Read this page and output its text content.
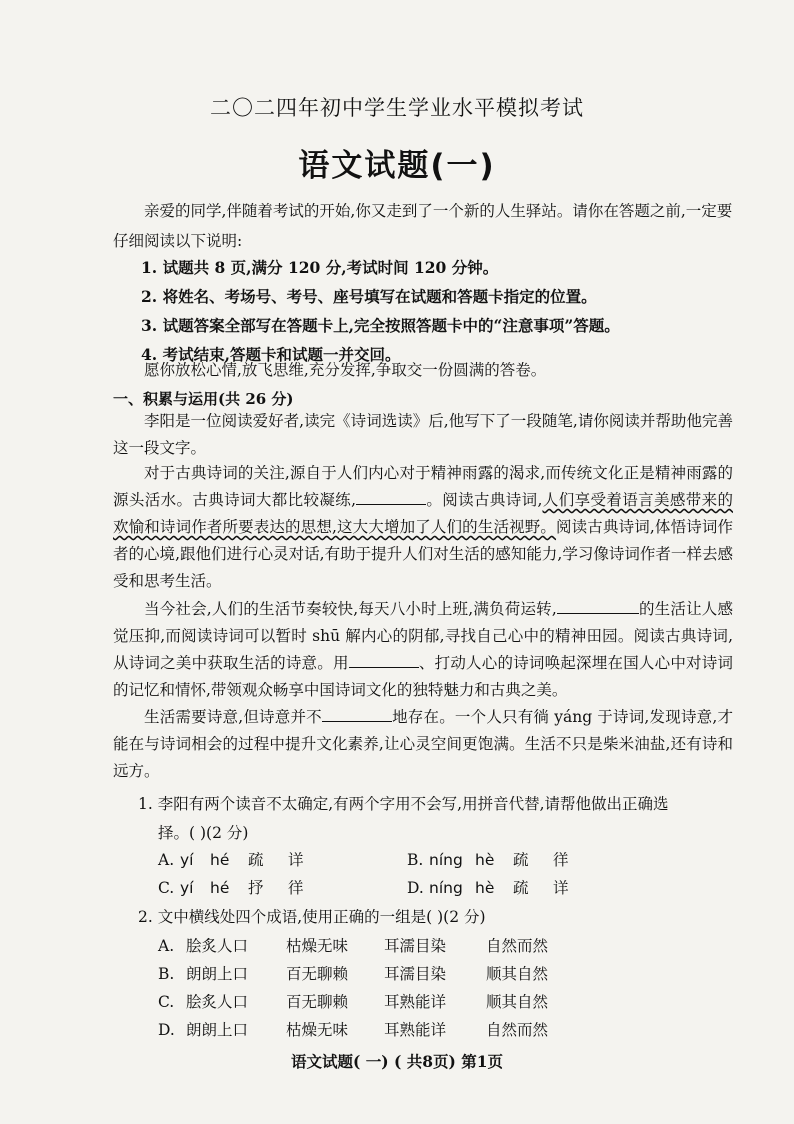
二〇二四年初中学生学业水平模拟考试
语文试题(一)

亲爱的同学,伴随着考试的开始,你又走到了一个新的人生驿站。请你在答题之前,一定要仔细阅读以下说明:

1. 试题共 8 页,满分 120 分,考试时间 120 分钟。
2. 将姓名、考场号、考号、座号填写在试题和答题卡指定的位置。
3. 试题答案全部写在答题卡上,完全按照答题卡中的“注意事项”答题。
4. 考试结束,答题卡和试题一并交回。
愿你放松心情,放飞思维,充分发挥,争取交一份圆满的答卷。
一、积累与运用(共 26 分)

李阳是一位阅读爱好者,读完《诗词选读》后,他写下了一段随笔,请你阅读并帮助他完善这一段文字。

对于古典诗词的关注,源自于人们内心对于精神雨露的渴求,而传统文化正是精神雨露的源头活水。古典诗词大都比较凝练,	。阅读古典诗词,人们享受着语言美感带来的欢愉和诗词作者所要表达的思想,这大大增加了人们的生活视野。阅读古典诗词,体悟诗词作者的心境,跟他们进行心灵对话,有助于提升人们对生活的感知能力,学习像诗词作者一样去感受和思考生活。

当今社会,人们的生活节奏较快,每天八小时上班,满负荷运转,	的生活让人感觉压抑,而阅读诗词可以暂时 shū 解内心的阴郁,寻找自己心中的精神田园。阅读古典诗词,从诗词之美中获取生活的诗意。用	、打动人心的诗词唤起深埋在国人心中对诗词的记忆和情怀,带领观众畅享中国诗词文化的独特魅力和古典之美。

生活需要诗意,但诗意并不	地存在。一个人只有徜 yáng 于诗词,发现诗意,才能在与诗词相会的过程中提升文化素养,让心灵空间更饱满。生活不只是柴米油盐,还有诗和远方。

1. 李阳有两个读音不太确定,有两个字用不会写,用拼音代替,请帮他做出正确选
择。( )(2 分)
A. yí hé 疏 详	B. níng hè 疏 徉
C. yí hé 抒 徉	D. níng hè 疏 详
2. 文中横线处四个成语,使用正确的一组是( )(2 分)
A. 脍炙人口 枯燥无味 耳濡目染	自然而然
B. 朗朗上口 百无聊赖 耳濡目染	顺其自然
C. 脍炙人口 百无聊赖 耳熟能详	顺其自然
D. 朗朗上口 枯燥无味 耳熟能详	自然而然
语文试题( 一) ( 共8页) 第1页
